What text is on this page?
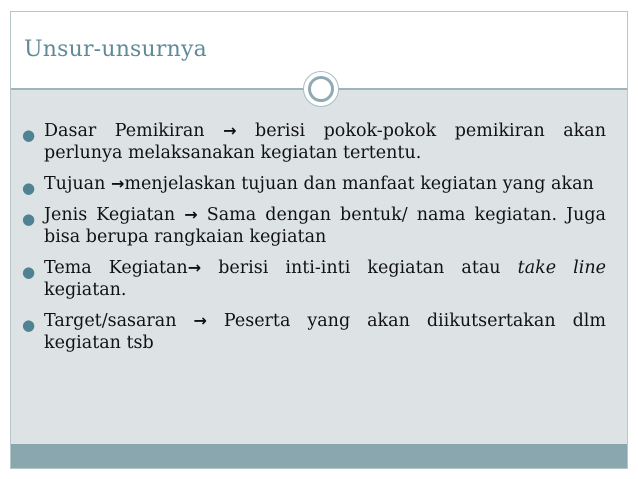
Unsur-unsurnya
● Dasar Pemikiran → berisi pokok-pokok pemikiran akan perlunya melaksanakan kegiatan tertentu.
● Tujuan →menjelaskan tujuan dan manfaat kegiatan yang akan
● Jenis Kegiatan → Sama dengan bentuk/ nama kegiatan. Juga bisa berupa rangkaian kegiatan
● Tema Kegiatan→ berisi inti-inti kegiatan atau take line kegiatan.
● Target/sasaran → Peserta yang akan diikutsertakan dlm kegiatan tsb
